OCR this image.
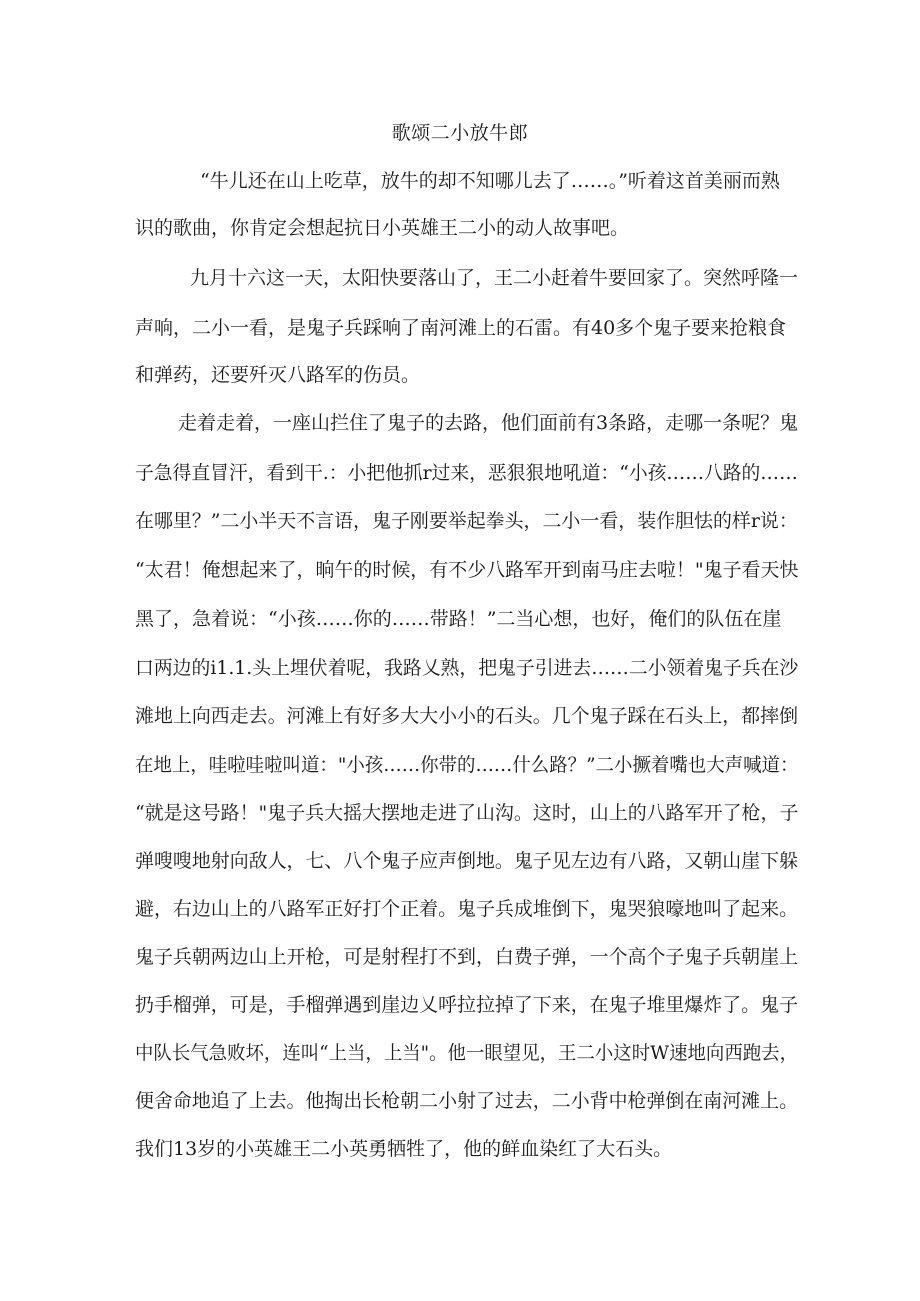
歌颂二小放牛郎
“牛儿还在山上吃草，放牛的却不知哪儿去了……。”听着这首美丽而熟
识的歌曲，你肯定会想起抗日小英雄王二小的动人故事吧。
九月十六这一天，太阳快要落山了，王二小赶着牛要回家了。突然呼隆一
声响，二小一看，是鬼子兵踩响了南河滩上的石雷。有40多个鬼子要来抢粮食
和弹药，还要歼灭八路军的伤员。
走着走着，一座山拦住了鬼子的去路，他们面前有3条路，走哪一条呢？鬼
子急得直冒汗，看到干.：小把他抓r过来，恶狠狠地吼道：“小孩……八路的……
在哪里？”二小半天不言语，鬼子刚要举起拳头，二小一看，装作胆怯的样r说：
“太君！俺想起来了，晌午的时候，有不少八路军开到南马庄去啦！"鬼子看天快
黑了，急着说：“小孩……你的……带路！”二当心想，也好，俺们的队伍在崖
口两边的i1.1.头上埋伏着呢，我路乂熟，把鬼子引进去……二小领着鬼子兵在沙
滩地上向西走去。河滩上有好多大大小小的石头。几个鬼子踩在石头上，都摔倒
在地上，哇啦哇啦叫道："小孩……你带的……什么路？”二小撅着嘴也大声喊道：
“就是这号路！"鬼子兵大摇大摆地走进了山沟。这时，山上的八路军开了枪，子
弹嗖嗖地射向敌人，七、八个鬼子应声倒地。鬼子见左边有八路，又朝山崖下躲
避，右边山上的八路军正好打个正着。鬼子兵成堆倒下，鬼哭狼嚎地叫了起来。
鬼子兵朝两边山上开枪，可是射程打不到，白费子弹，一个高个子鬼子兵朝崖上
扔手榴弹，可是，手榴弹遇到崖边乂呼拉拉掉了下来，在鬼子堆里爆炸了。鬼子
中队长气急败坏，连叫“上当，上当"。他一眼望见，王二小这时W速地向西跑去，
便舍命地追了上去。他掏出长枪朝二小射了过去，二小背中枪弹倒在南河滩上。
我们13岁的小英雄王二小英勇牺牲了，他的鲜血染红了大石头。
